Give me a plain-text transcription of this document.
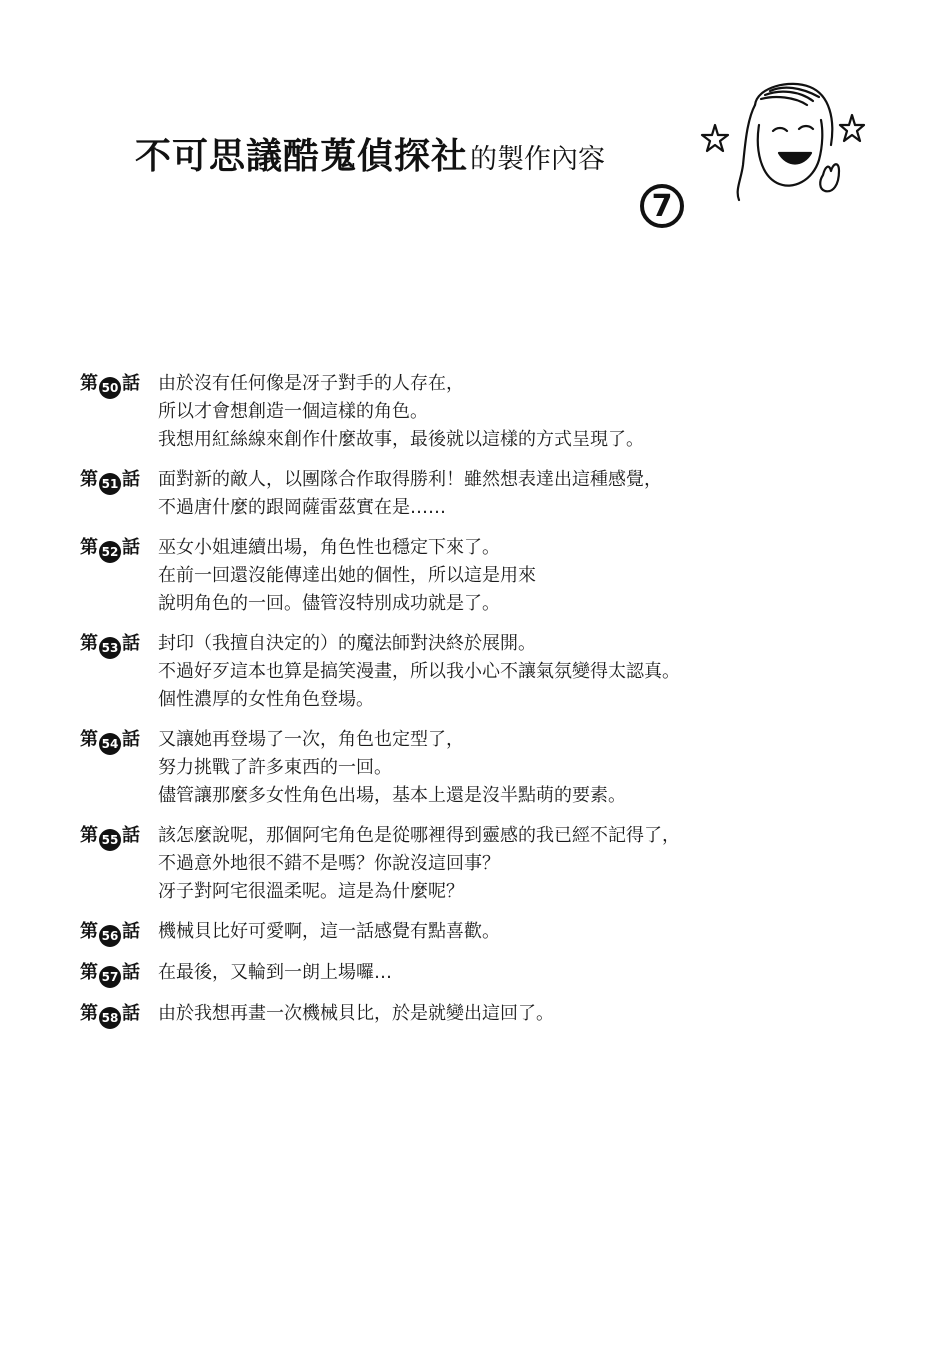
不可思議酷蒐偵探社的製作內容
7
第 50 話	由於沒有任何像是冴子對手的人存在，
所以才會想創造一個這樣的角色。
我想用紅絲線來創作什麼故事，最後就以這樣的方式呈現了。
第 51 話	面對新的敵人，以團隊合作取得勝利！雖然想表達出這種感覺，
不過唐什麼的跟岡薩雷茲實在是……
第 52 話	巫女小姐連續出場，角色性也穩定下來了。
在前一回還沒能傳達出她的個性，所以這是用來
說明角色的一回。儘管沒特別成功就是了。
第 53 話	封印（我擅自決定的）的魔法師對決終於展開。
不過好歹這本也算是搞笑漫畫，所以我小心不讓氣氛變得太認真。
個性濃厚的女性角色登場。
第 54 話	又讓她再登場了一次，角色也定型了，
努力挑戰了許多東西的一回。
儘管讓那麼多女性角色出場，基本上還是沒半點萌的要素。
第 55 話	該怎麼說呢，那個阿宅角色是從哪裡得到靈感的我已經不記得了，
不過意外地很不錯不是嗎？你說沒這回事？
冴子對阿宅很溫柔呢。這是為什麼呢？
第 56 話	機械貝比好可愛啊，這一話感覺有點喜歡。
第 57 話	在最後，又輪到一朗上場囉…
第 58 話	由於我想再畫一次機械貝比，於是就變出這回了。
